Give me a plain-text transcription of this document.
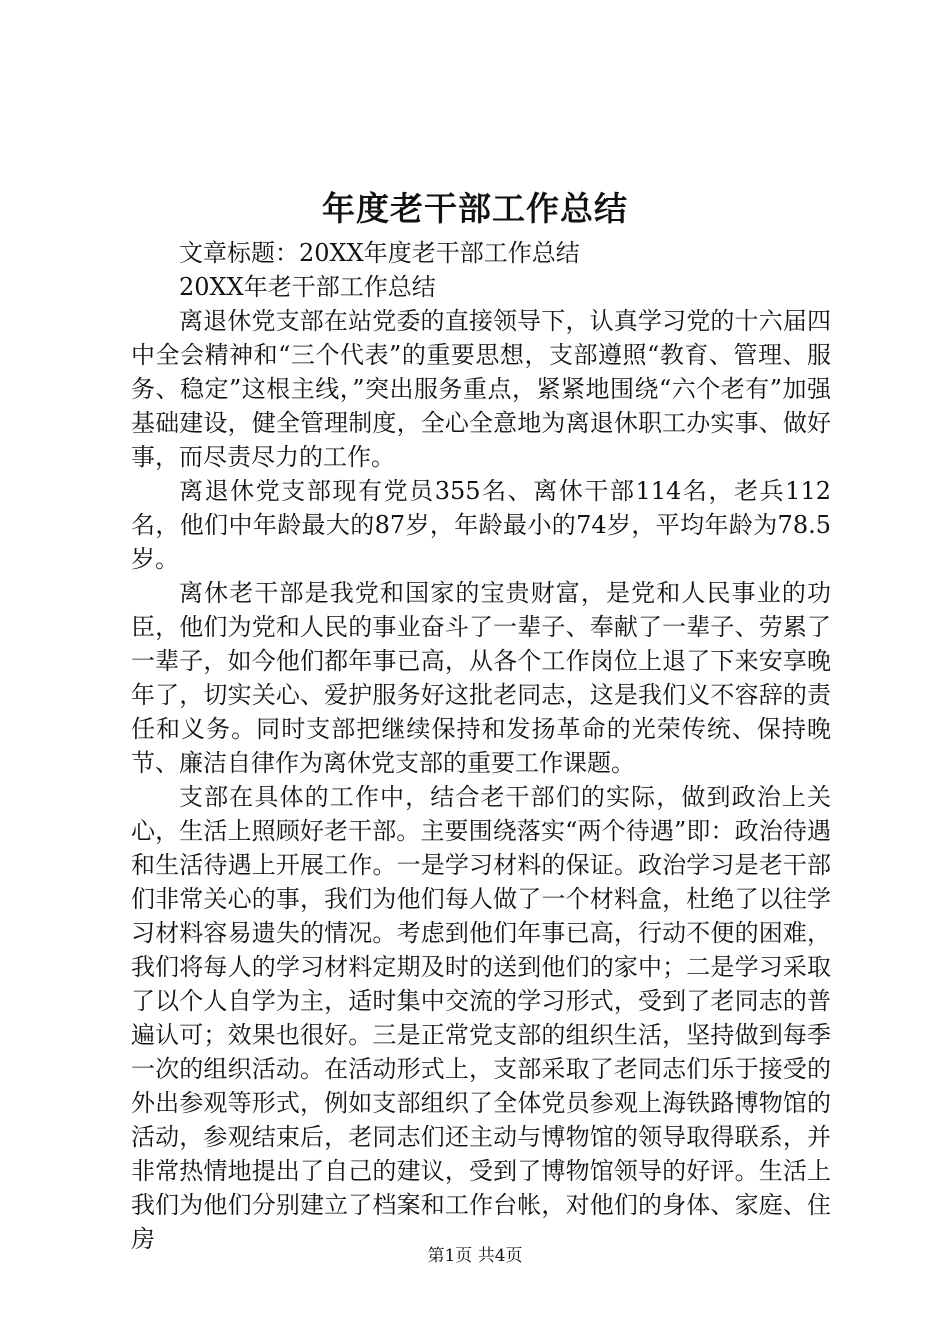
年度老干部工作总结

文章标题：20XX年度老干部工作总结

20XX年老干部工作总结

离退休党支部在站党委的直接领导下，认真学习党的十六届四中全会精神和“三个代表”的重要思想，支部遵照“教育、管理、服务、稳定”这根主线，”突出服务重点，紧紧地围绕“六个老有”加强基础建设，健全管理制度，全心全意地为离退休职工办实事、做好事，而尽责尽力的工作。

离退休党支部现有党员355名、离休干部114名，老兵112名，他们中年龄最大的87岁，年龄最小的74岁，平均年龄为78.5岁。

离休老干部是我党和国家的宝贵财富，是党和人民事业的功臣，他们为党和人民的事业奋斗了一辈子、奉献了一辈子、劳累了一辈子，如今他们都年事已高，从各个工作岗位上退了下来安享晚年了，切实关心、爱护服务好这批老同志，这是我们义不容辞的责任和义务。同时支部把继续保持和发扬革命的光荣传统、保持晚节、廉洁自律作为离休党支部的重要工作课题。

支部在具体的工作中，结合老干部们的实际，做到政治上关心，生活上照顾好老干部。主要围绕落实“两个待遇”即：政治待遇和生活待遇上开展工作。一是学习材料的保证。政治学习是老干部们非常关心的事，我们为他们每人做了一个材料盒，杜绝了以往学习材料容易遗失的情况。考虑到他们年事已高，行动不便的困难，我们将每人的学习材料定期及时的送到他们的家中；二是学习采取了以个人自学为主，适时集中交流的学习形式，受到了老同志的普遍认可；效果也很好。三是正常党支部的组织生活，坚持做到每季一次的组织活动。在活动形式上，支部采取了老同志们乐于接受的外出参观等形式，例如支部组织了全体党员参观上海铁路博物馆的活动，参观结束后，老同志们还主动与博物馆的领导取得联系，并非常热情地提出了自己的建议，受到了博物馆领导的好评。生活上我们为他们分别建立了档案和工作台帐，对他们的身体、家庭、住房

第1页 共4页
